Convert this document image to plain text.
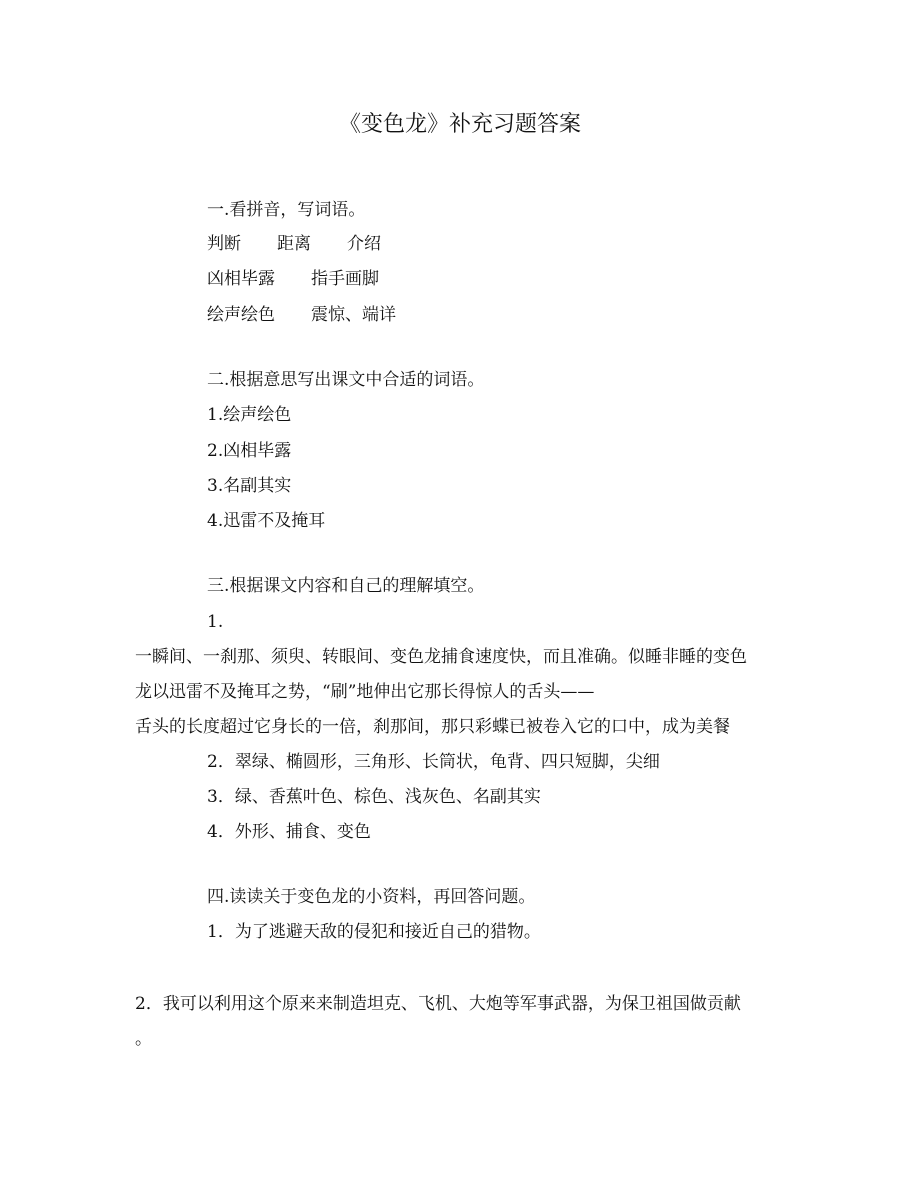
《变色龙》补充习题答案
一.看拼音，写词语。
判断 距离 介绍
凶相毕露 指手画脚
绘声绘色 震惊、端详
二.根据意思写出课文中合适的词语。
1.绘声绘色
2.凶相毕露
3.名副其实
4.迅雷不及掩耳
三.根据课文内容和自己的理解填空。
1.
一瞬间、一刹那、须臾、转眼间、变色龙捕食速度快，而且准确。似睡非睡的变色
龙以迅雷不及掩耳之势，“刷”地伸出它那长得惊人的舌头——
舌头的长度超过它身长的一倍，刹那间，那只彩蝶已被卷入它的口中，成为美餐
2．翠绿、椭圆形，三角形、长筒状，龟背、四只短脚，尖细
3．绿、香蕉叶色、棕色、浅灰色、名副其实
4．外形、捕食、变色
四.读读关于变色龙的小资料，再回答问题。
1．为了逃避天敌的侵犯和接近自己的猎物。
2．我可以利用这个原来来制造坦克、飞机、大炮等军事武器，为保卫祖国做贡献
。
